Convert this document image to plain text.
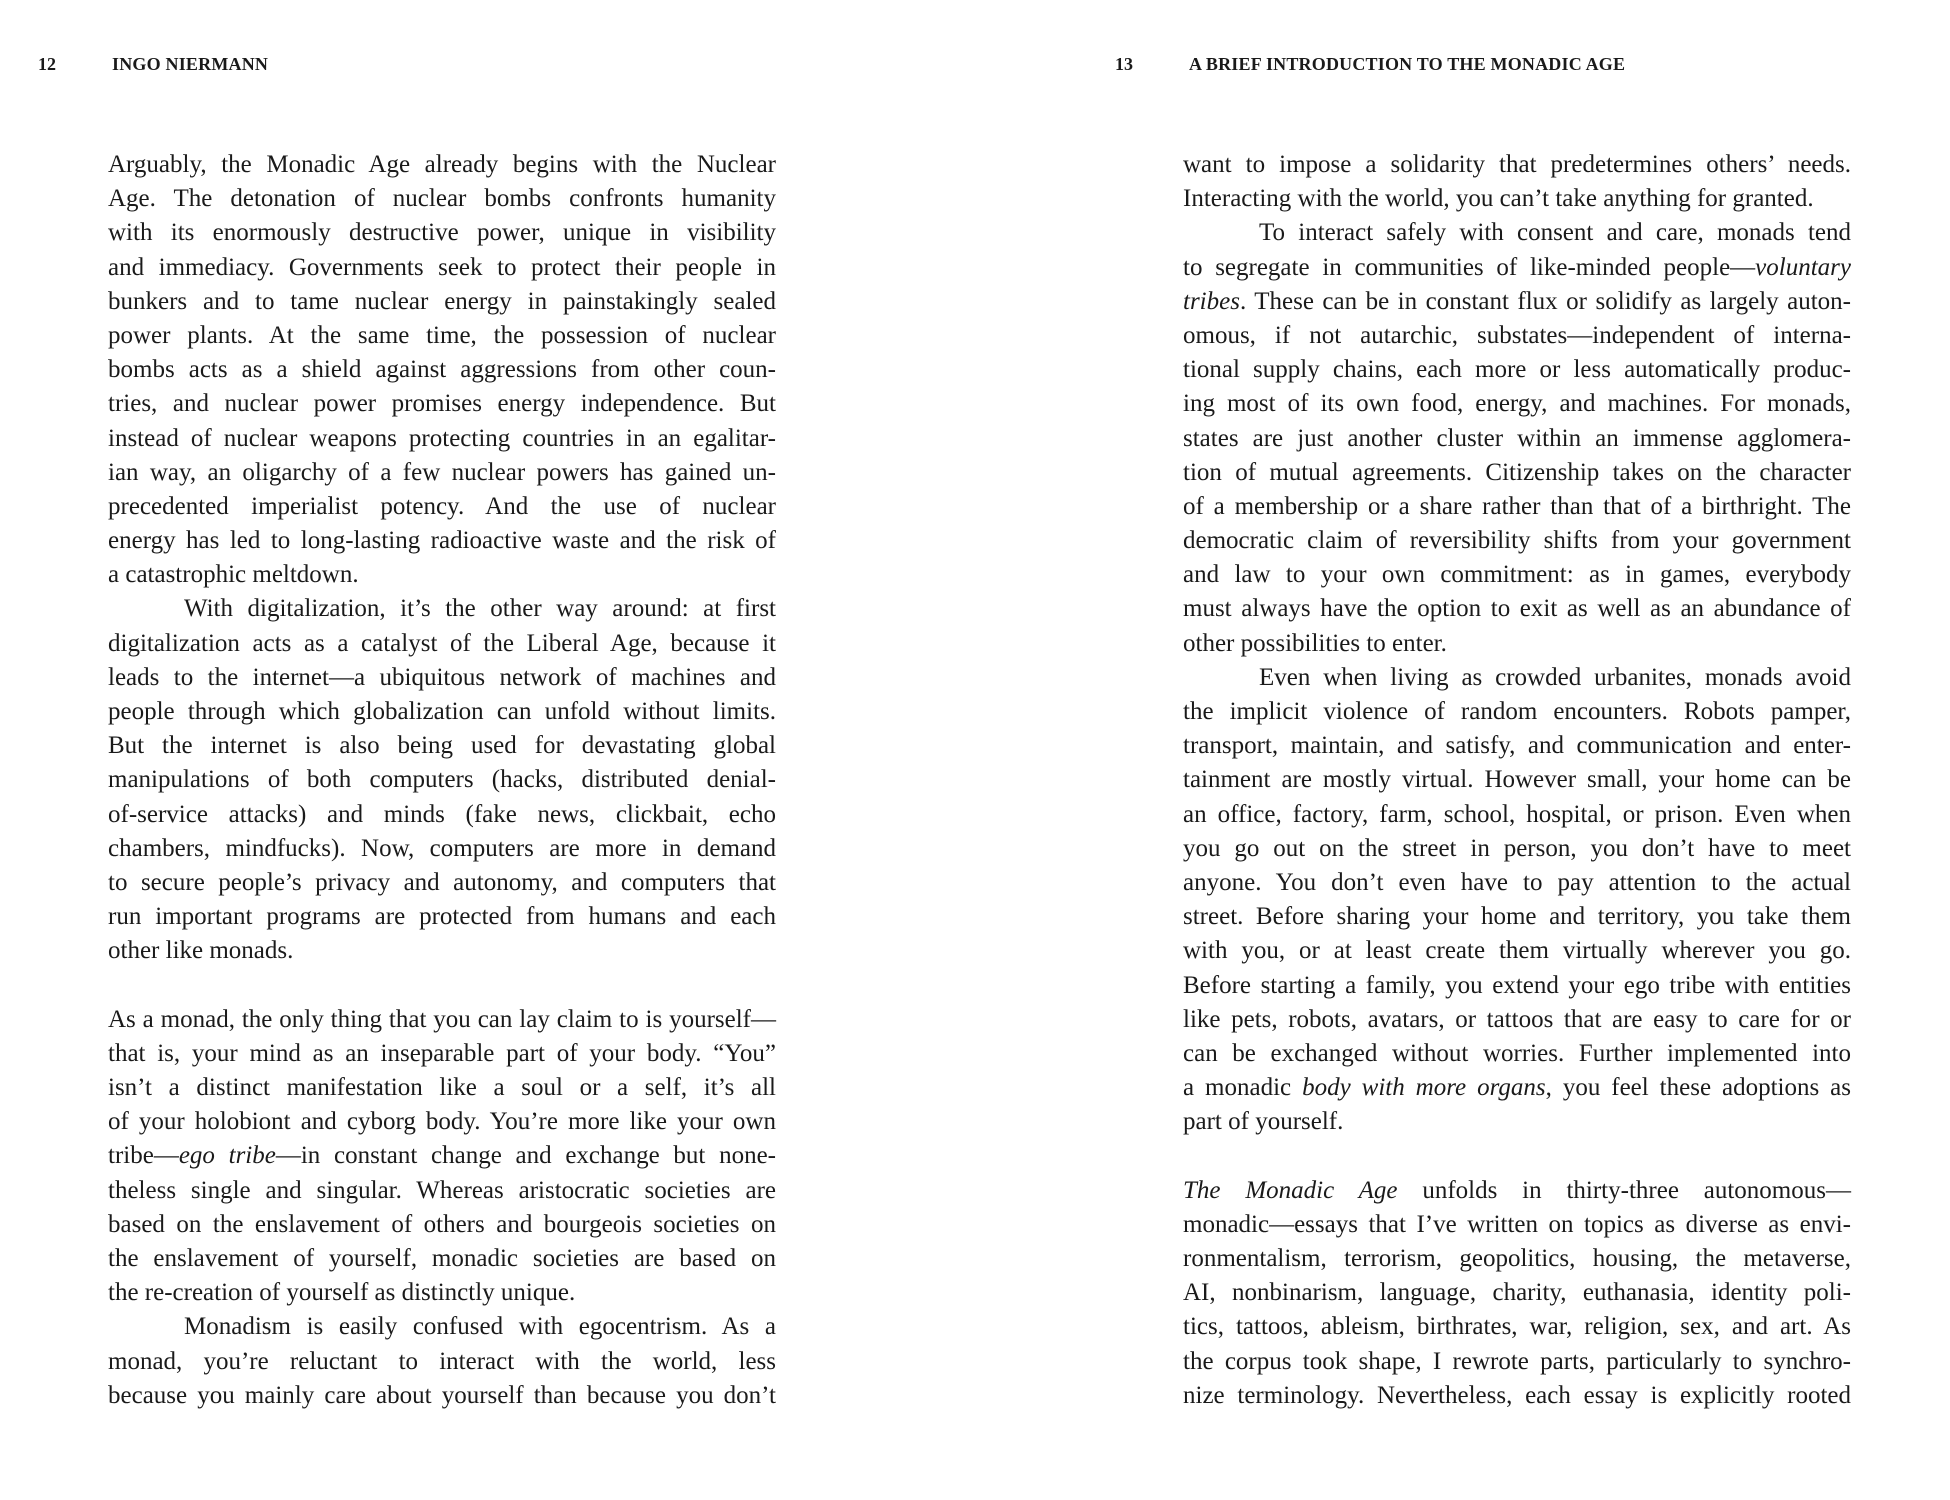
12	INGO NIERMANN
Arguably, the Monadic Age already begins with the Nuclear
Age. The detonation of nuclear bombs confronts humanity
with its enormously destructive power, unique in visibility
and immediacy. Governments seek to protect their people in
bunkers and to tame nuclear energy in painstakingly sealed
power plants. At the same time, the possession of nuclear
bombs acts as a shield against aggressions from other coun-
tries, and nuclear power promises energy independence. But
instead of nuclear weapons protecting countries in an egalitar-
ian way, an oligarchy of a few nuclear powers has gained un-
precedented imperialist potency. And the use of nuclear
energy has led to long-lasting radioactive waste and the risk of
a catastrophic meltdown.
With digitalization, it’s the other way around: at first
digitalization acts as a catalyst of the Liberal Age, because it
leads to the internet—a ubiquitous network of machines and
people through which globalization can unfold without limits.
But the internet is also being used for devastating global
manipulations of both computers (hacks, distributed denial-
of-service attacks) and minds (fake news, clickbait, echo
chambers, mindfucks). Now, computers are more in demand
to secure people’s privacy and autonomy, and computers that
run important programs are protected from humans and each
other like monads.
As a monad, the only thing that you can lay claim to is yourself—
that is, your mind as an inseparable part of your body. “You”
isn’t a distinct manifestation like a soul or a self, it’s all
of your holobiont and cyborg body. You’re more like your own
tribe—ego tribe—in constant change and exchange but none-
theless single and singular. Whereas aristocratic societies are
based on the enslavement of others and bourgeois societies on
the enslavement of yourself, monadic societies are based on
the re-creation of yourself as distinctly unique.
Monadism is easily confused with egocentrism. As a
monad, you’re reluctant to interact with the world, less
because you mainly care about yourself than because you don’t
13	A BRIEF INTRODUCTION TO THE MONADIC AGE
want to impose a solidarity that predetermines others’ needs.
Interacting with the world, you can’t take anything for granted.
To interact safely with consent and care, monads tend
to segregate in communities of like-minded people—voluntary
tribes. These can be in constant flux or solidify as largely auton-
omous, if not autarchic, substates—independent of interna-
tional supply chains, each more or less automatically produc-
ing most of its own food, energy, and machines. For monads,
states are just another cluster within an immense agglomera-
tion of mutual agreements. Citizenship takes on the character
of a membership or a share rather than that of a birthright. The
democratic claim of reversibility shifts from your government
and law to your own commitment: as in games, everybody
must always have the option to exit as well as an abundance of
other possibilities to enter.
Even when living as crowded urbanites, monads avoid
the implicit violence of random encounters. Robots pamper,
transport, maintain, and satisfy, and communication and enter-
tainment are mostly virtual. However small, your home can be
an office, factory, farm, school, hospital, or prison. Even when
you go out on the street in person, you don’t have to meet
anyone. You don’t even have to pay attention to the actual
street. Before sharing your home and territory, you take them
with you, or at least create them virtually wherever you go.
Before starting a family, you extend your ego tribe with entities
like pets, robots, avatars, or tattoos that are easy to care for or
can be exchanged without worries. Further implemented into
a monadic body with more organs, you feel these adoptions as
part of yourself.
The Monadic Age unfolds in thirty-three autonomous—
monadic—essays that I’ve written on topics as diverse as envi-
ronmentalism, terrorism, geopolitics, housing, the metaverse,
AI, nonbinarism, language, charity, euthanasia, identity poli-
tics, tattoos, ableism, birthrates, war, religion, sex, and art. As
the corpus took shape, I rewrote parts, particularly to synchro-
nize terminology. Nevertheless, each essay is explicitly rooted
